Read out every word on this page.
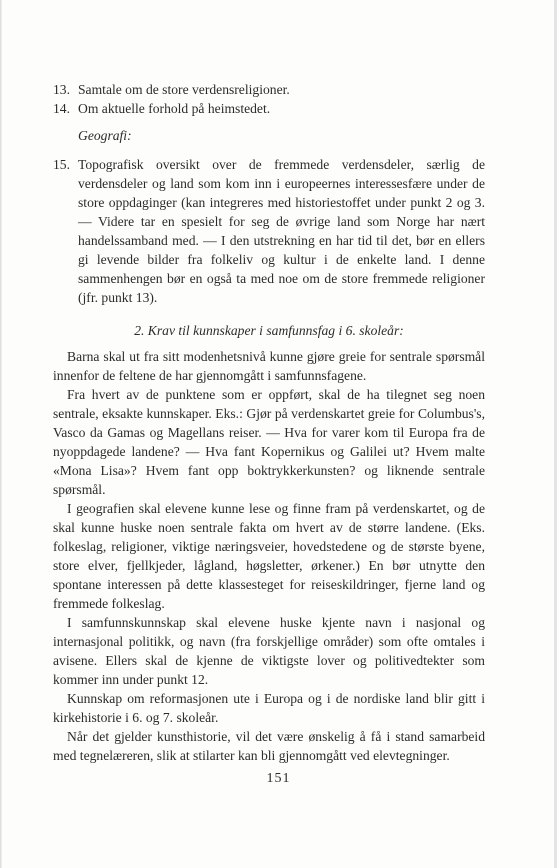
13. Samtale om de store verdensreligioner.
14. Om aktuelle forhold på heimstedet.
Geografi:
15. Topografisk oversikt over de fremmede verdensdeler, særlig de verdensdeler og land som kom inn i europeernes interessesfære under de store oppdaginger (kan integreres med historiestoffet under punkt 2 og 3. — Videre tar en spesielt for seg de øvrige land som Norge har nært handelssamband med. — I den utstrekning en har tid til det, bør en ellers gi levende bilder fra folkeliv og kultur i de enkelte land. I denne sammenhengen bør en også ta med noe om de store fremmede religioner (jfr. punkt 13).
2. Krav til kunnskaper i samfunnsfag i 6. skoleår:

Barna skal ut fra sitt modenhetsnivå kunne gjøre greie for sentrale spørsmål innenfor de feltene de har gjennomgått i samfunnsfagene.

Fra hvert av de punktene som er oppført, skal de ha tilegnet seg noen sentrale, eksakte kunnskaper. Eks.: Gjør på verdenskartet greie for Columbus's, Vasco da Gamas og Magellans reiser. — Hva for varer kom til Europa fra de nyoppdagede landene? — Hva fant Kopernikus og Galilei ut? Hvem malte «Mona Lisa»? Hvem fant opp boktrykkerkunsten? og liknende sentrale spørsmål.

I geografien skal elevene kunne lese og finne fram på verdenskartet, og de skal kunne huske noen sentrale fakta om hvert av de større landene. (Eks. folkeslag, religioner, viktige næringsveier, hovedstedene og de største byene, store elver, fjellkjeder, lågland, høgsletter, ørkener.) En bør utnytte den spontane interessen på dette klassesteget for reiseskildringer, fjerne land og fremmede folkeslag.

I samfunnskunnskap skal elevene huske kjente navn i nasjonal og internasjonal politikk, og navn (fra forskjellige områder) som ofte omtales i avisene. Ellers skal de kjenne de viktigste lover og politivedtekter som kommer inn under punkt 12.

Kunnskap om reformasjonen ute i Europa og i de nordiske land blir gitt i kirkehistorie i 6. og 7. skoleår.

Når det gjelder kunsthistorie, vil det være ønskelig å få i stand samarbeid med tegnelæreren, slik at stilarter kan bli gjennomgått ved elevtegninger.

151
